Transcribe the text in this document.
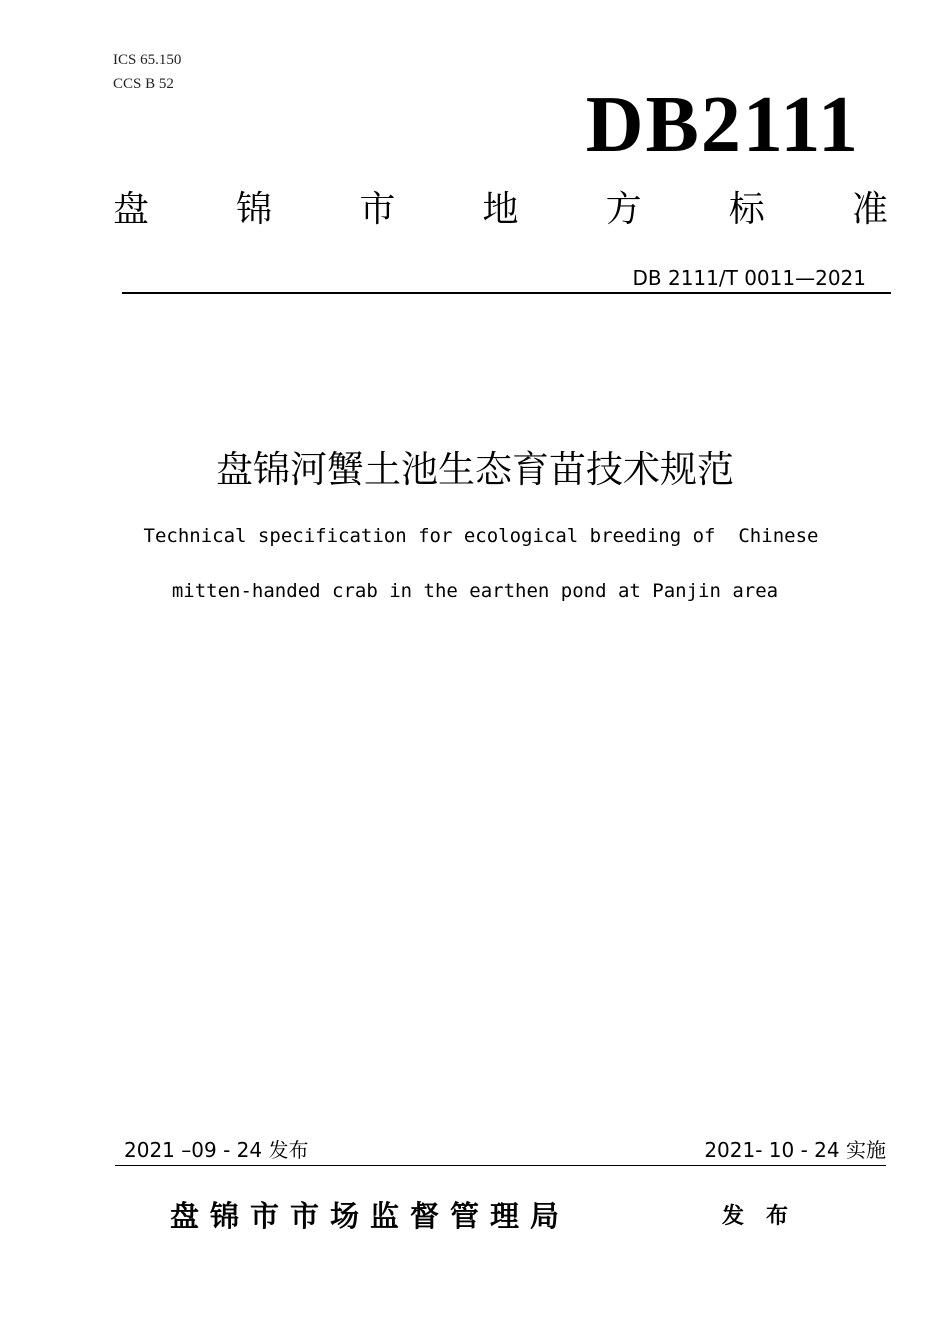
ICS 65.150
CCS B 52	DB2111
盘 锦 市 地 方 标 准
DB 2111/T 0011—2021
盘锦河蟹土池生态育苗技术规范
Technical specification for ecological breeding of  Chinese
mitten-handed crab in the earthen pond at Panjin area
2021 –09 - 24 发布	2021- 10 - 24 实施
盘锦市市场监督管理局	发布
